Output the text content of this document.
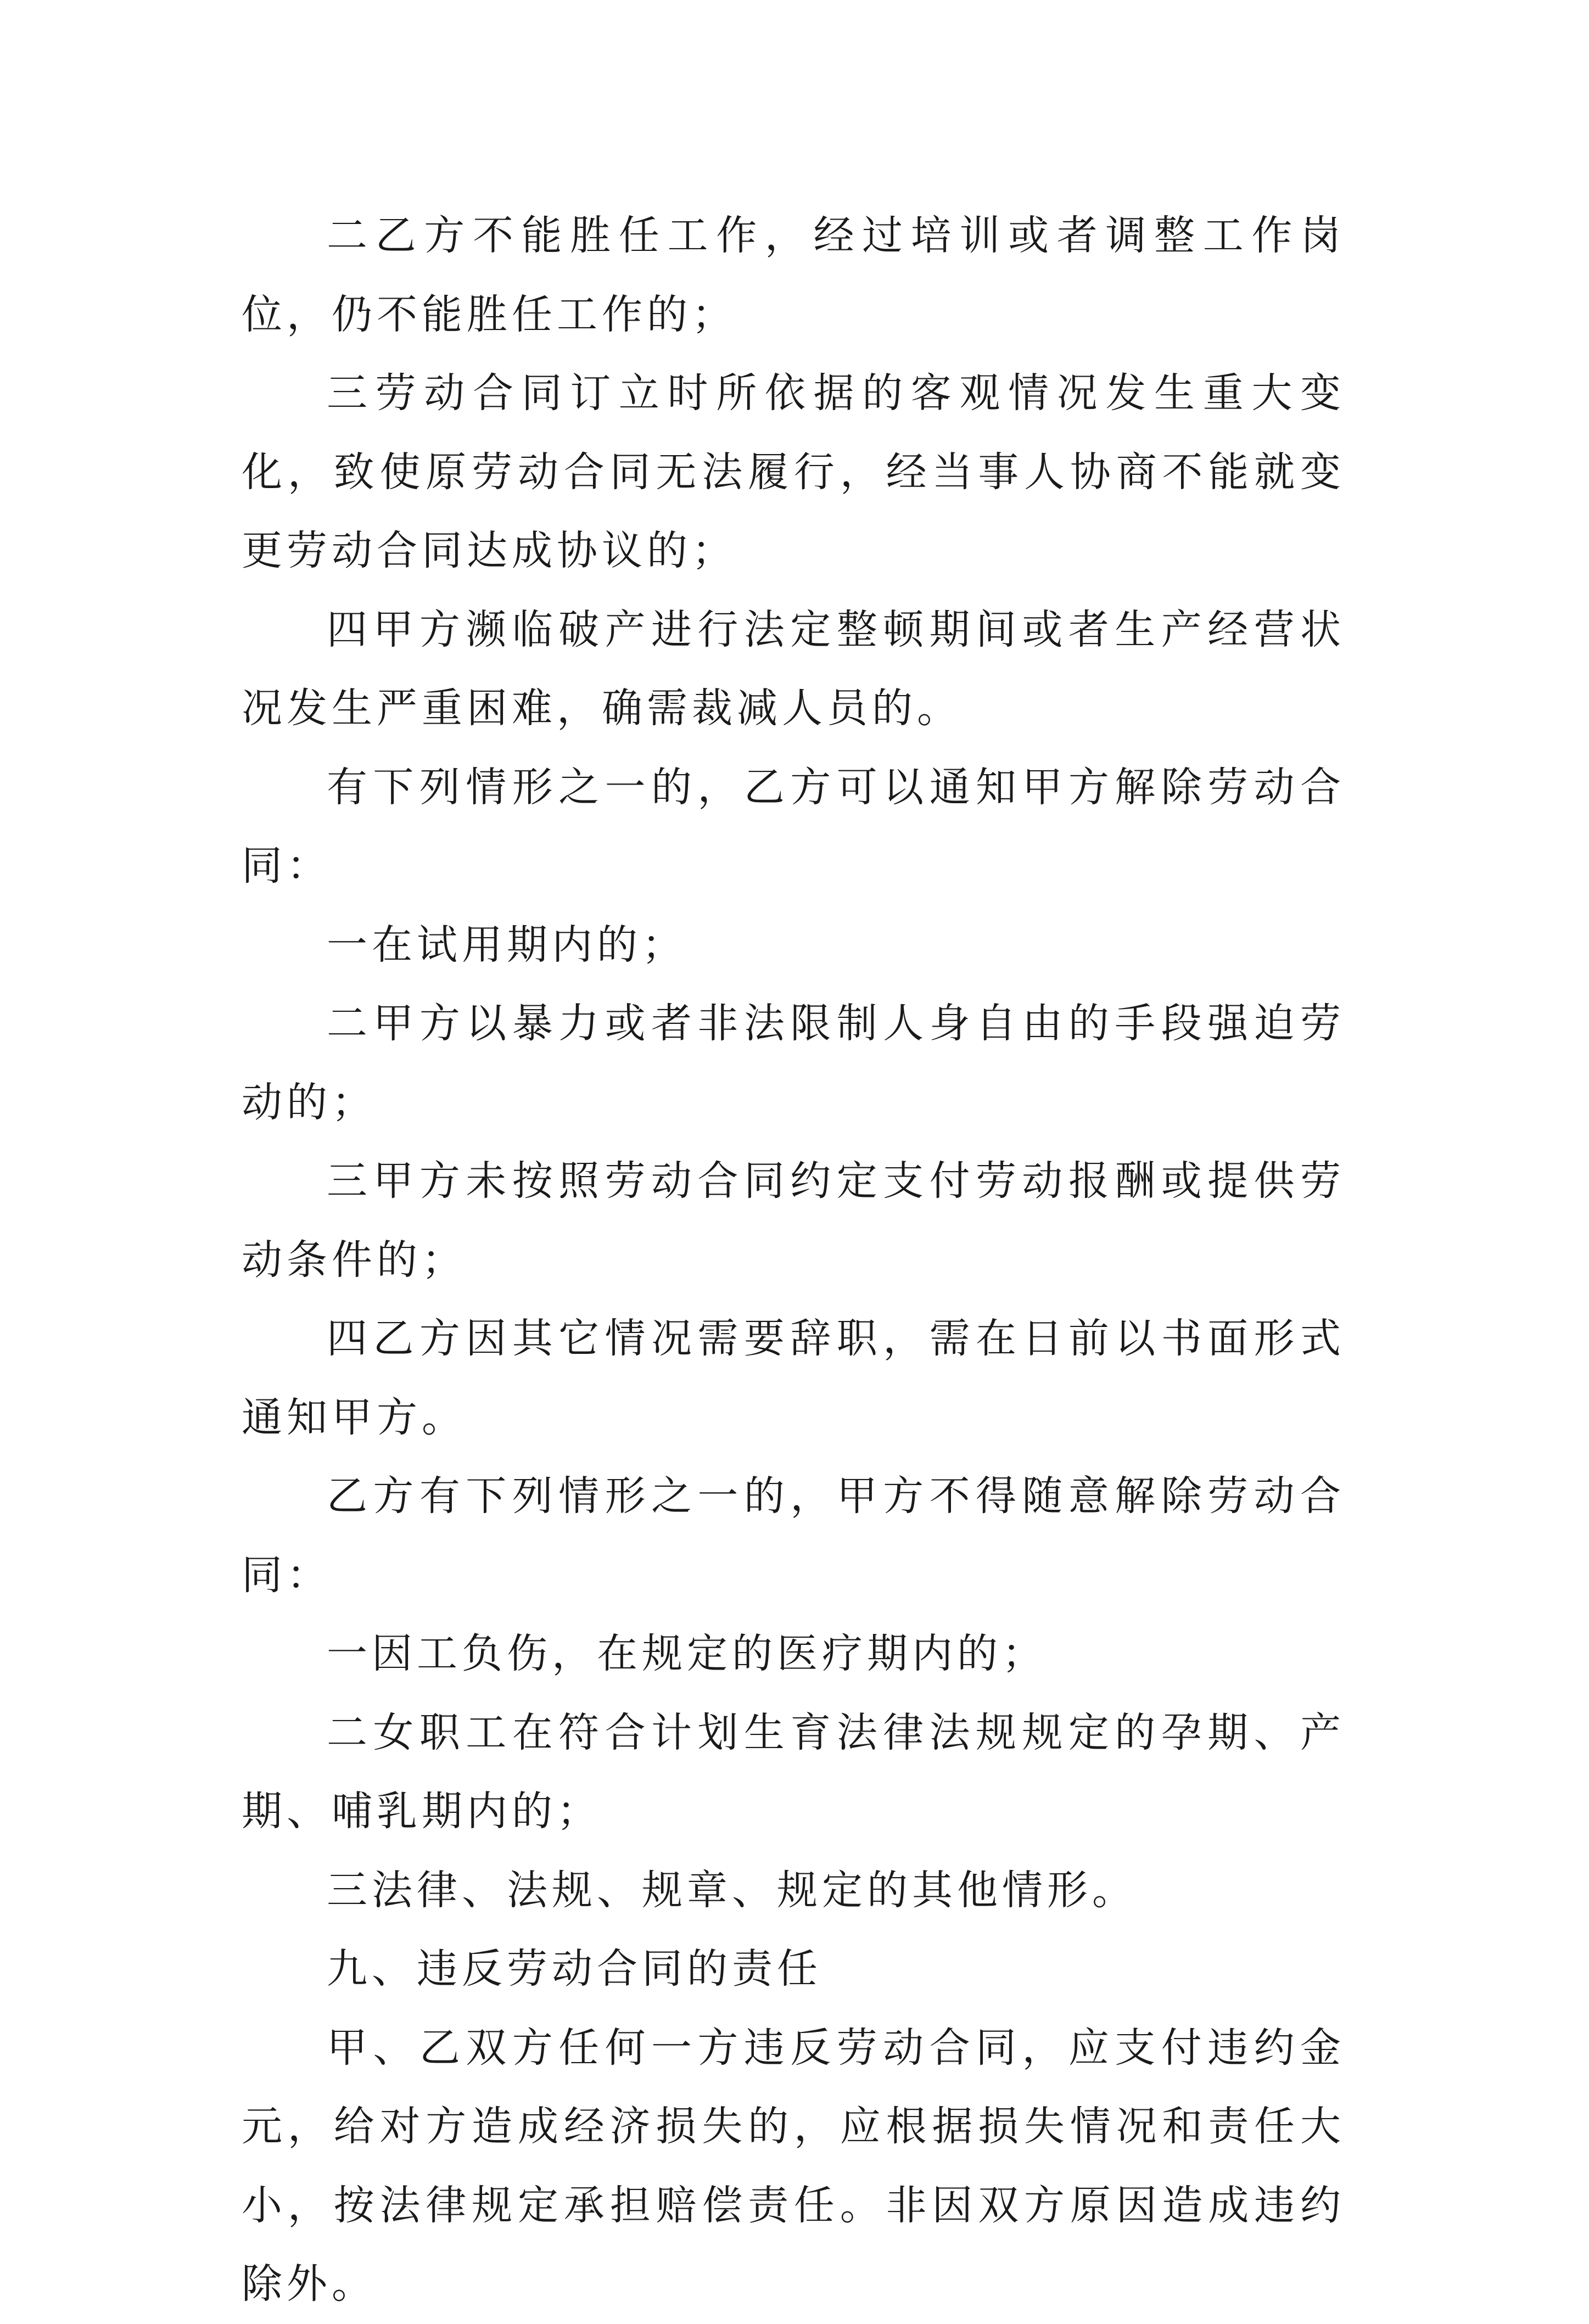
二乙方不能胜任工作，经过培训或者调整工作岗位，仍不能胜任工作的；

三劳动合同订立时所依据的客观情况发生重大变化，致使原劳动合同无法履行，经当事人协商不能就变更劳动合同达成协议的；

四甲方濒临破产进行法定整顿期间或者生产经营状况发生严重困难，确需裁减人员的。

有下列情形之一的，乙方可以通知甲方解除劳动合同：

一在试用期内的；

二甲方以暴力或者非法限制人身自由的手段强迫劳动的；

三甲方未按照劳动合同约定支付劳动报酬或提供劳动条件的；

四乙方因其它情况需要辞职，需在日前以书面形式通知甲方。

乙方有下列情形之一的，甲方不得随意解除劳动合同：

一因工负伤，在规定的医疗期内的；

二女职工在符合计划生育法律法规规定的孕期、产期、哺乳期内的；

三法律、法规、规章、规定的其他情形。

九、违反劳动合同的责任

甲、乙双方任何一方违反劳动合同，应支付违约金元，给对方造成经济损失的，应根据损失情况和责任大小，按法律规定承担赔偿责任。非因双方原因造成违约除外。
